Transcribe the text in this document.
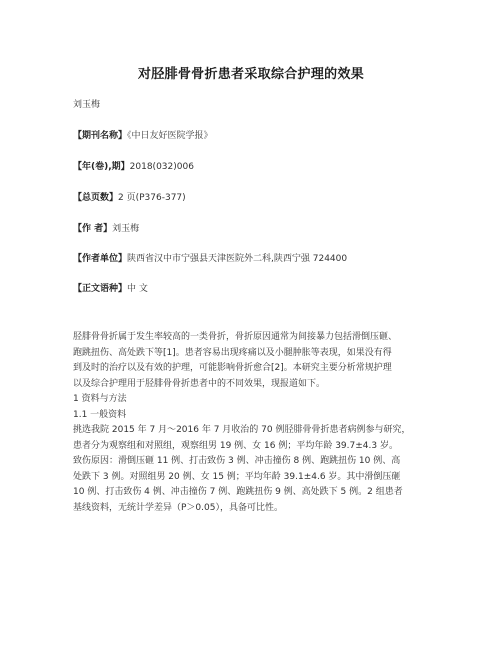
对胫腓骨骨折患者采取综合护理的效果
刘玉梅
【期刊名称】《中日友好医院学报》
【年(卷),期】2018(032)006
【总页数】2 页(P376-377)
【作 者】刘玉梅
【作者单位】陕西省汉中市宁强县天津医院外二科,陕西宁强 724400
【正文语种】中 文
胫腓骨骨折属于发生率较高的一类骨折，骨折原因通常为间接暴力包括滑倒压砸、
跑跳扭伤、高处跌下等[1]。患者容易出现疼痛以及小腿肿胀等表现，如果没有得
到及时的治疗以及有效的护理，可能影响骨折愈合[2]。本研究主要分析常规护理
以及综合护理用于胫腓骨骨折患者中的不同效果，现报道如下。
1 资料与方法
1.1 一般资料
挑选我院 2015 年 7 月～2016 年 7 月收治的 70 例胫腓骨骨折患者病例参与研究，
患者分为观察组和对照组，观察组男 19 例、女 16 例；平均年龄 39.7±4.3 岁。
致伤原因：滑倒压砸 11 例、打击致伤 3 例、冲击撞伤 8 例、跑跳扭伤 10 例、高
处跌下 3 例。对照组男 20 例、女 15 例；平均年龄 39.1±4.6 岁。其中滑倒压砸
10 例、打击致伤 4 例、冲击撞伤 7 例、跑跳扭伤 9 例、高处跌下 5 例。2 组患者
基线资料，无统计学差异（P＞0.05），具备可比性。
